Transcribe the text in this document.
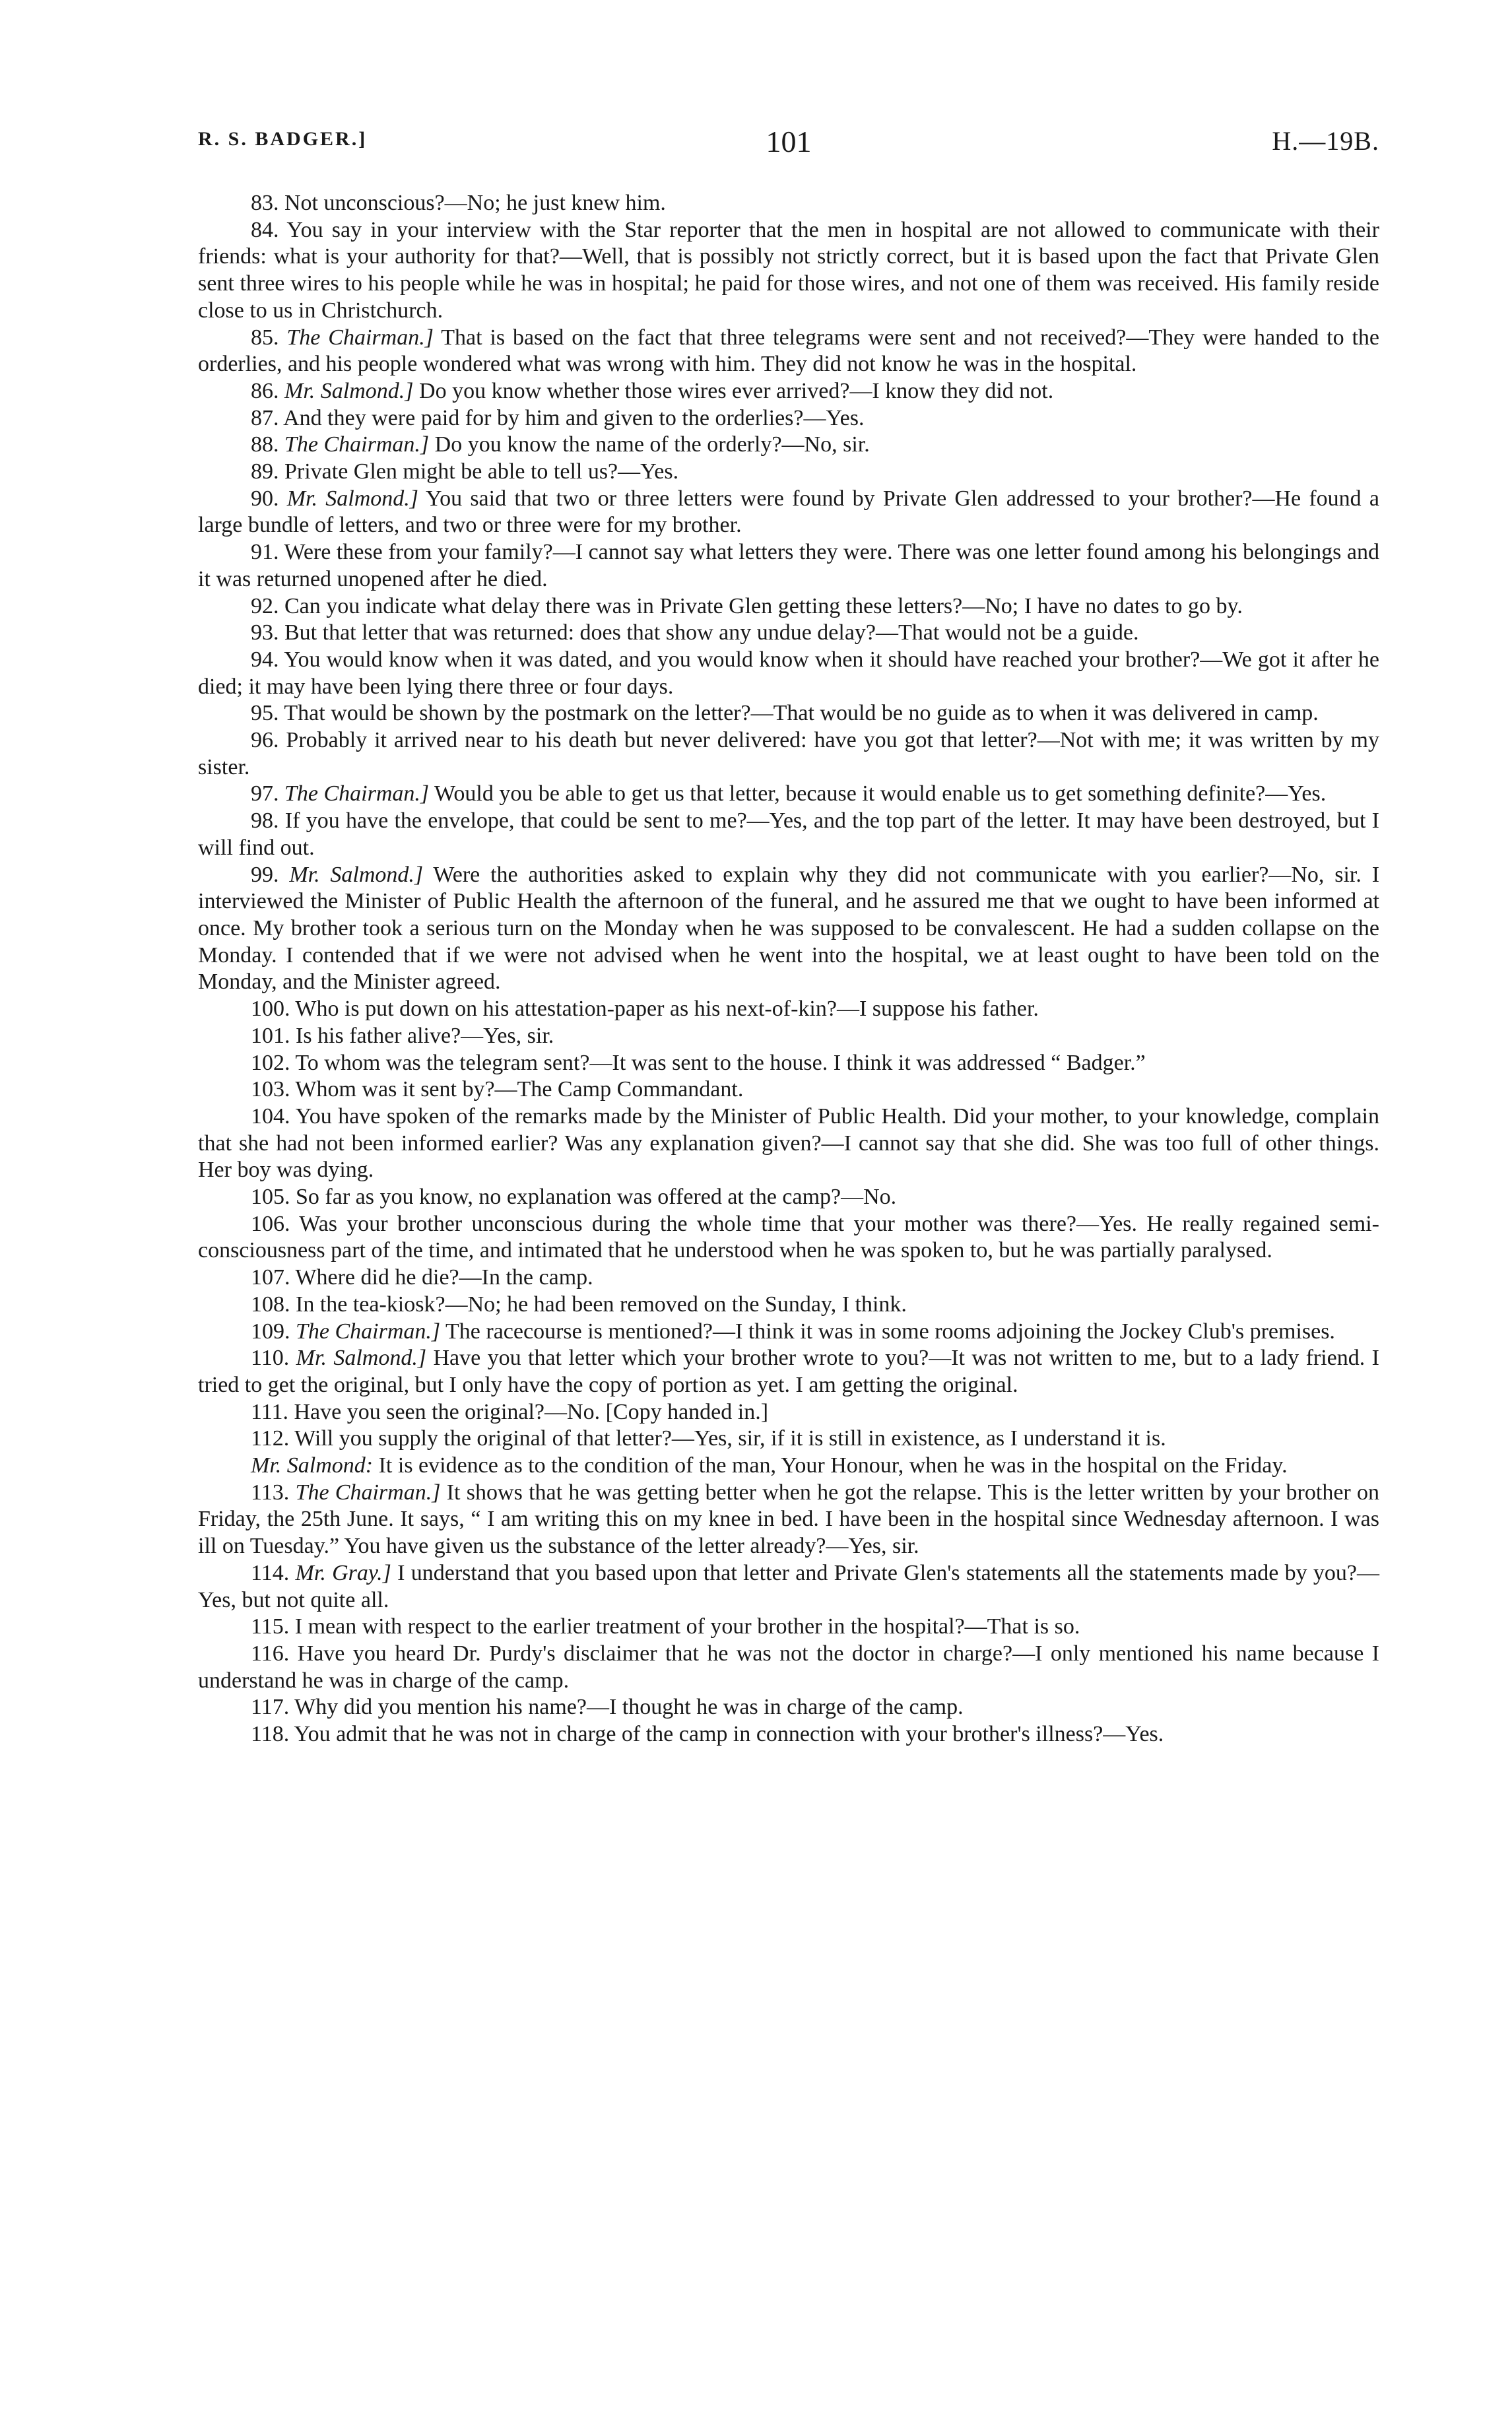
R. S. BADGER.]	101	H.—19B.

83. Not unconscious?—No; he just knew him.

84. You say in your interview with the Star reporter that the men in hospital are not allowed to communicate with their friends: what is your authority for that?—Well, that is possibly not strictly correct, but it is based upon the fact that Private Glen sent three wires to his people while he was in hospital; he paid for those wires, and not one of them was received. His family reside close to us in Christchurch.

85. The Chairman.] That is based on the fact that three telegrams were sent and not received?—They were handed to the orderlies, and his people wondered what was wrong with him. They did not know he was in the hospital.

86. Mr. Salmond.] Do you know whether those wires ever arrived?—I know they did not.

87. And they were paid for by him and given to the orderlies?—Yes.

88. The Chairman.] Do you know the name of the orderly?—No, sir.

89. Private Glen might be able to tell us?—Yes.

90. Mr. Salmond.] You said that two or three letters were found by Private Glen addressed to your brother?—He found a large bundle of letters, and two or three were for my brother.

91. Were these from your family?—I cannot say what letters they were. There was one letter found among his belongings and it was returned unopened after he died.

92. Can you indicate what delay there was in Private Glen getting these letters?—No; I have no dates to go by.

93. But that letter that was returned: does that show any undue delay?—That would not be a guide.

94. You would know when it was dated, and you would know when it should have reached your brother?—We got it after he died; it may have been lying there three or four days.

95. That would be shown by the postmark on the letter?—That would be no guide as to when it was delivered in camp.

96. Probably it arrived near to his death but never delivered: have you got that letter?—Not with me; it was written by my sister.

97. The Chairman.] Would you be able to get us that letter, because it would enable us to get something definite?—Yes.

98. If you have the envelope, that could be sent to me?—Yes, and the top part of the letter. It may have been destroyed, but I will find out.

99. Mr. Salmond.] Were the authorities asked to explain why they did not communicate with you earlier?—No, sir. I interviewed the Minister of Public Health the afternoon of the funeral, and he assured me that we ought to have been informed at once. My brother took a serious turn on the Monday when he was supposed to be convalescent. He had a sudden collapse on the Monday. I contended that if we were not advised when he went into the hospital, we at least ought to have been told on the Monday, and the Minister agreed.

100. Who is put down on his attestation-paper as his next-of-kin?—I suppose his father.

101. Is his father alive?—Yes, sir.

102. To whom was the telegram sent?—It was sent to the house. I think it was addressed “ Badger.”

103. Whom was it sent by?—The Camp Commandant.

104. You have spoken of the remarks made by the Minister of Public Health. Did your mother, to your knowledge, complain that she had not been informed earlier? Was any explanation given?—I cannot say that she did. She was too full of other things. Her boy was dying.

105. So far as you know, no explanation was offered at the camp?—No.

106. Was your brother unconscious during the whole time that your mother was there?—Yes. He really regained semi-consciousness part of the time, and intimated that he understood when he was spoken to, but he was partially paralysed.

107. Where did he die?—In the camp.

108. In the tea-kiosk?—No; he had been removed on the Sunday, I think.

109. The Chairman.] The racecourse is mentioned?—I think it was in some rooms adjoining the Jockey Club's premises.

110. Mr. Salmond.] Have you that letter which your brother wrote to you?—It was not written to me, but to a lady friend. I tried to get the original, but I only have the copy of portion as yet. I am getting the original.

111. Have you seen the original?—No. [Copy handed in.]

112. Will you supply the original of that letter?—Yes, sir, if it is still in existence, as I understand it is.

Mr. Salmond: It is evidence as to the condition of the man, Your Honour, when he was in the hospital on the Friday.

113. The Chairman.] It shows that he was getting better when he got the relapse. This is the letter written by your brother on Friday, the 25th June. It says, “ I am writing this on my knee in bed. I have been in the hospital since Wednesday afternoon. I was ill on Tuesday.” You have given us the substance of the letter already?—Yes, sir.

114. Mr. Gray.] I understand that you based upon that letter and Private Glen's statements all the statements made by you?—Yes, but not quite all.

115. I mean with respect to the earlier treatment of your brother in the hospital?—That is so.

116. Have you heard Dr. Purdy's disclaimer that he was not the doctor in charge?—I only mentioned his name because I understand he was in charge of the camp.

117. Why did you mention his name?—I thought he was in charge of the camp.

118. You admit that he was not in charge of the camp in connection with your brother's illness?—Yes.
